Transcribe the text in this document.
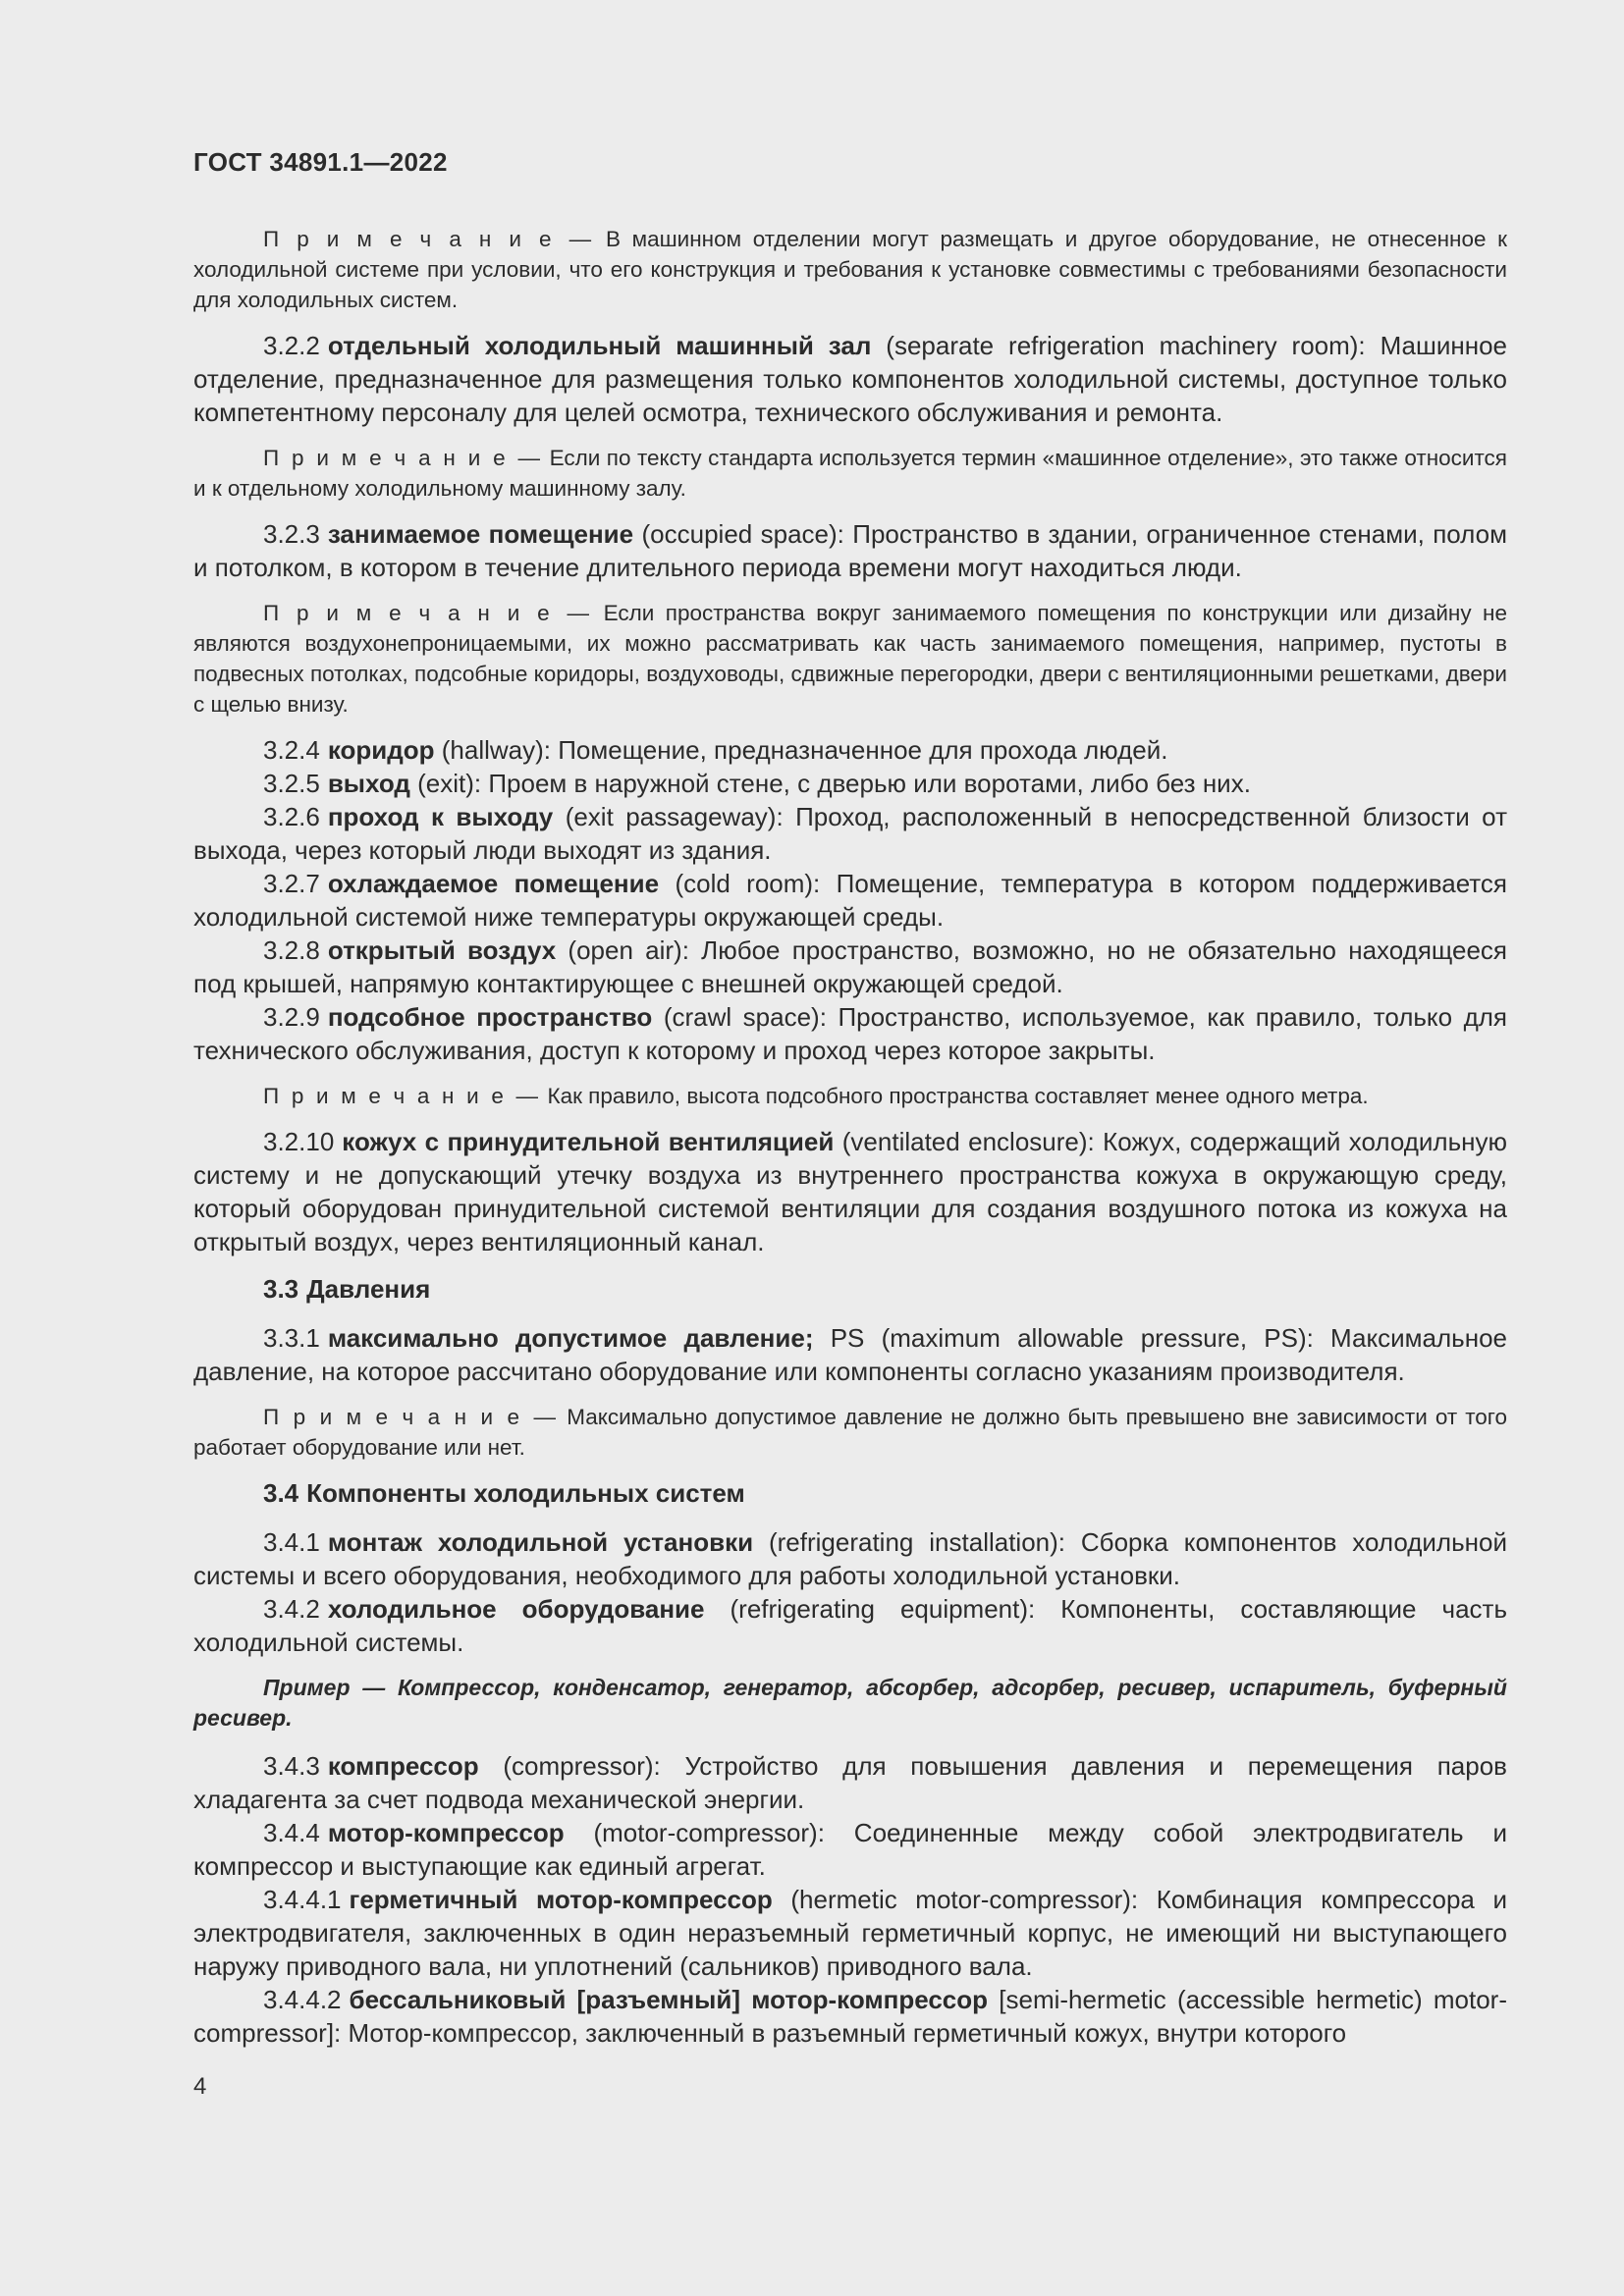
ГОСТ 34891.1—2022

П р и м е ч а н и е — В машинном отделении могут размещать и другое оборудование, не отнесенное к холодильной системе при условии, что его конструкция и требования к установке совместимы с требованиями безопасности для холодильных систем.

3.2.2 отдельный холодильный машинный зал (separate refrigeration machinery room): Машинное отделение, предназначенное для размещения только компонентов холодильной системы, доступное только компетентному персоналу для целей осмотра, технического обслуживания и ремонта.

П р и м е ч а н и е — Если по тексту стандарта используется термин «машинное отделение», это также относится и к отдельному холодильному машинному залу.

3.2.3 занимаемое помещение (occupied space): Пространство в здании, ограниченное стенами, полом и потолком, в котором в течение длительного периода времени могут находиться люди.

П р и м е ч а н и е — Если пространства вокруг занимаемого помещения по конструкции или дизайну не являются воздухонепроницаемыми, их можно рассматривать как часть занимаемого помещения, например, пустоты в подвесных потолках, подсобные коридоры, воздуховоды, сдвижные перегородки, двери с вентиляционными решетками, двери с щелью внизу.

3.2.4 коридор (hallway): Помещение, предназначенное для прохода людей.

3.2.5 выход (exit): Проем в наружной стене, с дверью или воротами, либо без них.

3.2.6 проход к выходу (exit passageway): Проход, расположенный в непосредственной близости от выхода, через который люди выходят из здания.

3.2.7 охлаждаемое помещение (cold room): Помещение, температура в котором поддерживается холодильной системой ниже температуры окружающей среды.

3.2.8 открытый воздух (open air): Любое пространство, возможно, но не обязательно находящееся под крышей, напрямую контактирующее с внешней окружающей средой.

3.2.9 подсобное пространство (crawl space): Пространство, используемое, как правило, только для технического обслуживания, доступ к которому и проход через которое закрыты.

П р и м е ч а н и е — Как правило, высота подсобного пространства составляет менее одного метра.

3.2.10 кожух с принудительной вентиляцией (ventilated enclosure): Кожух, содержащий холодильную систему и не допускающий утечку воздуха из внутреннего пространства кожуха в окружающую среду, который оборудован принудительной системой вентиляции для создания воздушного потока из кожуха на открытый воздух, через вентиляционный канал.

3.3 Давления

3.3.1 максимально допустимое давление; PS (maximum allowable pressure, PS): Максимальное давление, на которое рассчитано оборудование или компоненты согласно указаниям производителя.

П р и м е ч а н и е — Максимально допустимое давление не должно быть превышено вне зависимости от того работает оборудование или нет.

3.4 Компоненты холодильных систем

3.4.1 монтаж холодильной установки (refrigerating installation): Сборка компонентов холодильной системы и всего оборудования, необходимого для работы холодильной установки.

3.4.2 холодильное оборудование (refrigerating equipment): Компоненты, составляющие часть холодильной системы.

Пример — Компрессор, конденсатор, генератор, абсорбер, адсорбер, ресивер, испаритель, буферный ресивер.

3.4.3 компрессор (compressor): Устройство для повышения давления и перемещения паров хладагента за счет подвода механической энергии.

3.4.4 мотор-компрессор (motor-compressor): Соединенные между собой электродвигатель и компрессор и выступающие как единый агрегат.

3.4.4.1 герметичный мотор-компрессор (hermetic motor-compressor): Комбинация компрессора и электродвигателя, заключенных в один неразъемный герметичный корпус, не имеющий ни выступающего наружу приводного вала, ни уплотнений (сальников) приводного вала.

3.4.4.2 бессальниковый [разъемный] мотор-компрессор [semi-hermetic (accessible hermetic) motor-compressor]: Мотор-компрессор, заключенный в разъемный герметичный кожух, внутри которого

4
